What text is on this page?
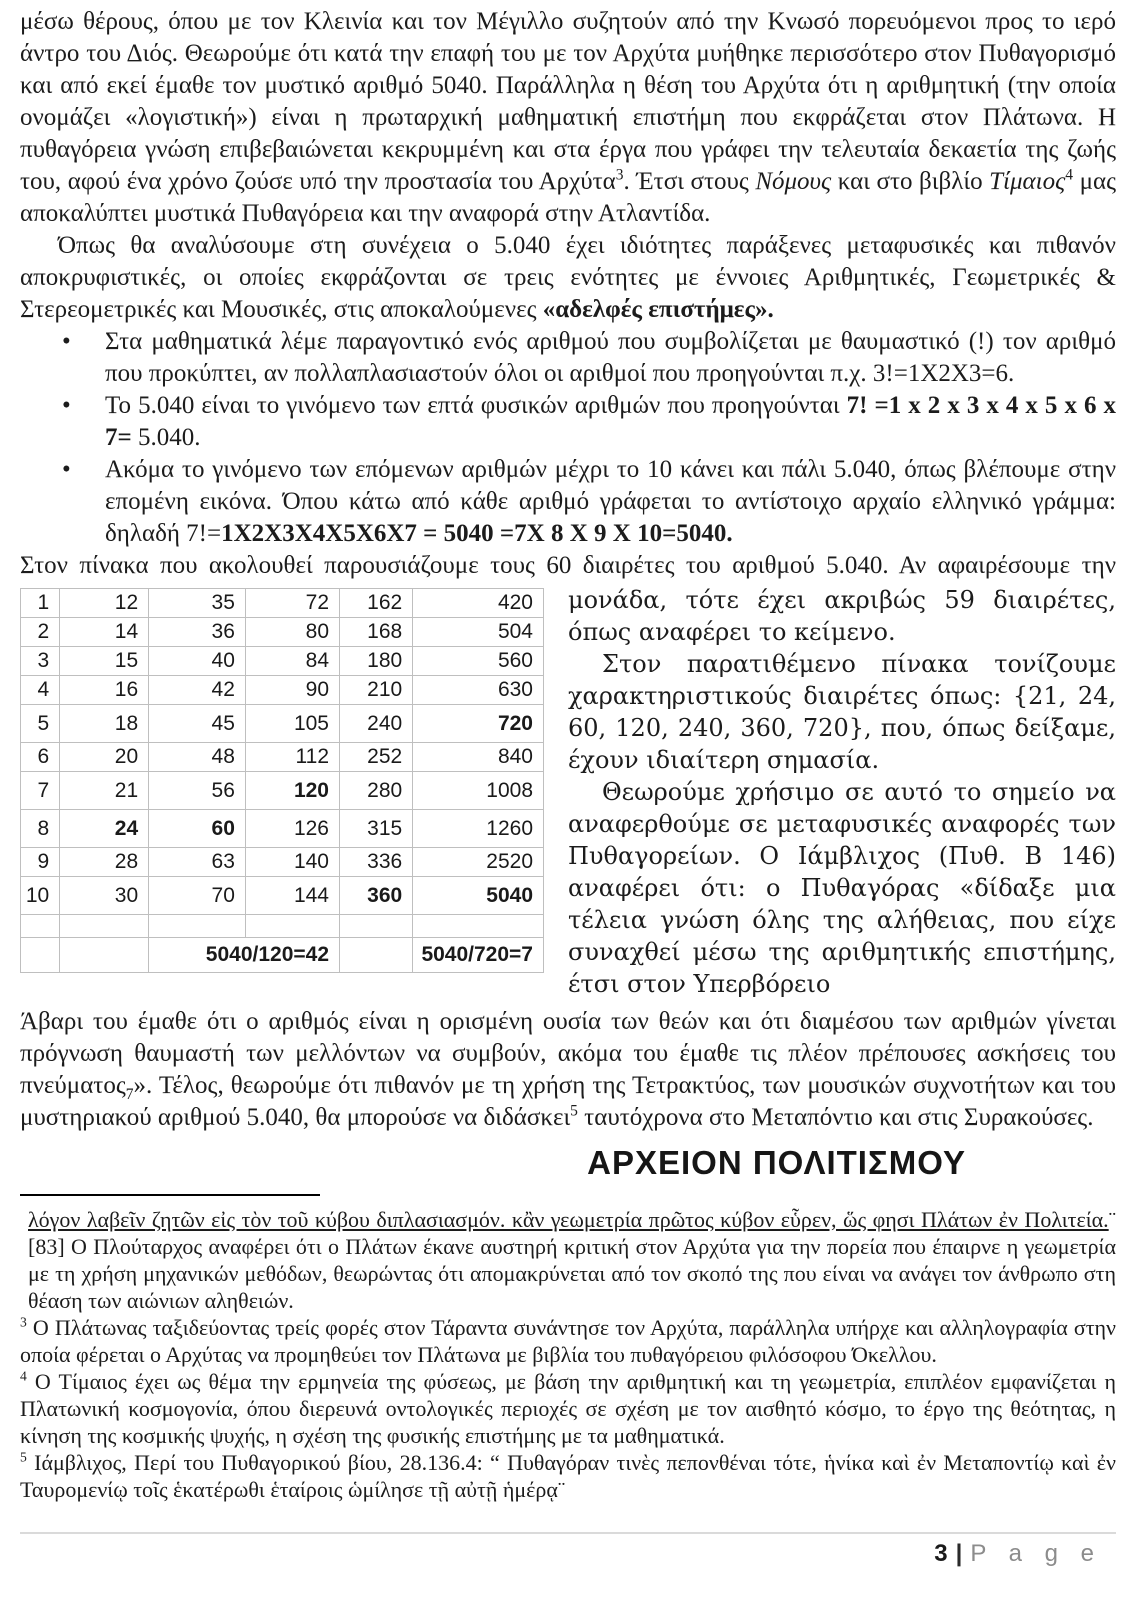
μέσω θέρους, όπου με τον Κλεινία και τον Μέγιλλο συζητούν από την Κνωσό πορευόμενοι προς το ιερό άντρο του Διός. Θεωρούμε ότι κατά την επαφή του με τον Αρχύτα μυήθηκε περισσότερο στον Πυθαγορισμό και από εκεί έμαθε τον μυστικό αριθμό 5040. Παράλληλα η θέση του Αρχύτα ότι η αριθμητική (την οποία ονομάζει «λογιστική») είναι η πρωταρχική μαθηματική επιστήμη που εκφράζεται στον Πλάτωνα. Η πυθαγόρεια γνώση επιβεβαιώνεται κεκρυμμένη και στα έργα που γράφει την τελευταία δεκαετία της ζωής του, αφού ένα χρόνο ζούσε υπό την προστασία του Αρχύτα$^3$. Έτσι στους Νόμους και στο βιβλίο Τίμαιος$^4$ μας αποκαλύπτει μυστικά Πυθαγόρεια και την αναφορά στην Ατλαντίδα.

Όπως θα αναλύσουμε στη συνέχεια ο 5.040 έχει ιδιότητες παράξενες μεταφυσικές και πιθανόν αποκρυφιστικές, οι οποίες εκφράζονται σε τρεις ενότητες με έννοιες Αριθμητικές, Γεωμετρικές & Στερεομετρικές και Μουσικές, στις αποκαλούμενες «αδελφές επιστήμες».

• Στα μαθηματικά λέμε παραγοντικό ενός αριθμού που συμβολίζεται με θαυμαστικό (!) τον αριθμό που προκύπτει, αν πολλαπλασιαστούν όλοι οι αριθμοί που προηγούνται π.χ. 3!=1X2X3=6.
• Το 5.040 είναι το γινόμενο των επτά φυσικών αριθμών που προηγούνται 7! =1 x 2 x 3 x 4 x 5 x 6 x 7= 5.040.
• Ακόμα το γινόμενο των επόμενων αριθμών μέχρι το 10 κάνει και πάλι 5.040, όπως βλέπουμε στην επομένη εικόνα. Όπου κάτω από κάθε αριθμό γράφεται το αντίστοιχο αρχαίο ελληνικό γράμμα: δηλαδή 7!=1X2X3X4X5X6X7 = 5040 =7X 8 X 9 X 10=5040.

Στον πίνακα που ακολουθεί παρουσιάζουμε τους 60 διαιρέτες του αριθμού 5.040. Αν αφαιρέσουμε την

1	12	35	72	162	420
2	14	36	80	168	504
3	15	40	84	180	560
4	16	42	90	210	630
5	18	45	105	240	720
6	20	48	112	252	840
7	21	56	120	280	1008
8	24	60	126	315	1260
9	28	63	140	336	2520
10	30	70	144	360	5040

		5040/120=42			5040/720=7

μονάδα, τότε έχει ακριβώς 59 διαιρέτες, όπως αναφέρει το κείμενο.

Στον παρατιθέμενο πίνακα τονίζουμε χαρακτηριστικούς διαιρέτες όπως: {21, 24, 60, 120, 240, 360, 720}, που, όπως δείξαμε, έχουν ιδιαίτερη σημασία.

Θεωρούμε χρήσιμο σε αυτό το σημείο να αναφερθούμε σε μεταφυσικές αναφορές των Πυθαγορείων. Ο Ιάμβλιχος (Πυθ. Β 146) αναφέρει ότι: ο Πυθαγόρας «δίδαξε μια τέλεια γνώση όλης της αλήθειας, που είχε συναχθεί μέσω της αριθμητικής επιστήμης, έτσι στον Υπερβόρειο

Άβαρι του έμαθε ότι ο αριθμός είναι η ορισμένη ουσία των θεών και ότι διαμέσου των αριθμών γίνεται πρόγνωση θαυμαστή των μελλόντων να συμβούν, ακόμα του έμαθε τις πλέον πρέπουσες ασκήσεις του πνεύματος$_7$». Τέλος, θεωρούμε ότι πιθανόν με τη χρήση της Τετρακτύος, των μουσικών συχνοτήτων και του μυστηριακού αριθμού 5.040, θα μπορούσε να διδάσκει$^5$ ταυτόχρονα στο Μεταπόντιο και στις Συρακούσες.

ΑΡΧΕΙΟΝ ΠΟΛΙΤΙΣΜΟΥ

λόγον λαβεῖν ζητῶν εἰς τὸν τοῦ κύβου διπλασιασμόν. κἂν γεωμετρία πρῶτος κύβον εὗρεν, ὥς φησι Πλάτων ἐν Πολιτεία.¨ [83] Ο Πλούταρχος αναφέρει ότι ο Πλάτων έκανε αυστηρή κριτική στον Αρχύτα για την πορεία που έπαιρνε η γεωμετρία με τη χρήση μηχανικών μεθόδων, θεωρώντας ότι απομακρύνεται από τον σκοπό της που είναι να ανάγει τον άνθρωπο στη θέαση των αιώνιων αληθειών.

$^3$ Ο Πλάτωνας ταξιδεύοντας τρείς φορές στον Τάραντα συνάντησε τον Αρχύτα, παράλληλα υπήρχε και αλληλογραφία στην οποία φέρεται ο Αρχύτας να προμηθεύει τον Πλάτωνα με βιβλία του πυθαγόρειου φιλόσοφου Όκελλου.

$^4$ Ο Τίμαιος έχει ως θέμα την ερμηνεία της φύσεως, με βάση την αριθμητική και τη γεωμετρία, επιπλέον εμφανίζεται η Πλατωνική κοσμογονία, όπου διερευνά οντολογικές περιοχές σε σχέση με τον αισθητό κόσμο, το έργο της θεότητας, η κίνηση της κοσμικής ψυχής, η σχέση της φυσικής επιστήμης με τα μαθηματικά.

$^5$ Ιάμβλιχος, Περί του Πυθαγορικού βίου, 28.136.4: “ Πυθαγόραν τινὲς πεπονθέναι τότε, ἡνίκα καὶ ἐν Μεταποντίῳ καὶ ἐν Ταυρομενίῳ τοῖς ἑκατέρωθι ἑταίροις ὡμίλησε τῇ αὐτῇ ἡμέρᾳ¨

3 | P a g e
